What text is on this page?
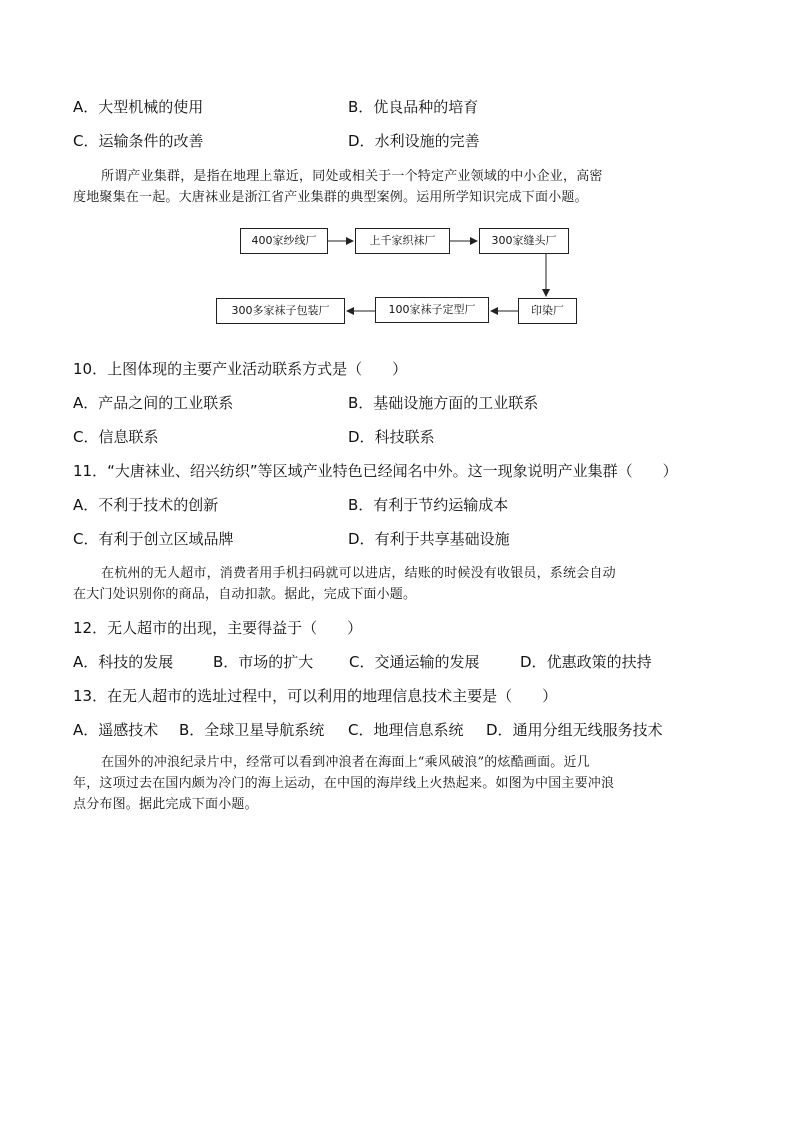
A．大型机械的使用	B．优良品种的培育
C．运输条件的改善	D．水利设施的完善
所谓产业集群，是指在地理上靠近，同处或相关于一个特定产业领域的中小企业，高密
度地聚集在一起。大唐袜业是浙江省产业集群的典型案例。运用所学知识完成下面小题。
400家纱线厂	上千家织袜厂	300家缝头厂
印染厂
100家袜子定型厂
300多家袜子包装厂
10．上图体现的主要产业活动联系方式是（　　）
A．产品之间的工业联系	B．基础设施方面的工业联系
C．信息联系	D．科技联系
11．“大唐袜业、绍兴纺织”等区域产业特色已经闻名中外。这一现象说明产业集群（　　）
A．不利于技术的创新	B．有利于节约运输成本
C．有利于创立区域品牌	D．有利于共享基础设施
在杭州的无人超市，消费者用手机扫码就可以进店，结账的时候没有收银员，系统会自动
在大门处识别你的商品，自动扣款。据此，完成下面小题。
12．无人超市的出现，主要得益于（　　）
A．科技的发展	B．市场的扩大 C．交通运输的发展	D．优惠政策的扶持
13．在无人超市的选址过程中，可以利用的地理信息技术主要是（　　）
A．遥感技术 B．全球卫星导航系统 C．地理信息系统 D．通用分组无线服务技术
在国外的冲浪纪录片中，经常可以看到冲浪者在海面上“乘风破浪”的炫酷画面。近几
年，这项过去在国内颇为冷门的海上运动，在中国的海岸线上火热起来。如图为中国主要冲浪
点分布图。据此完成下面小题。
